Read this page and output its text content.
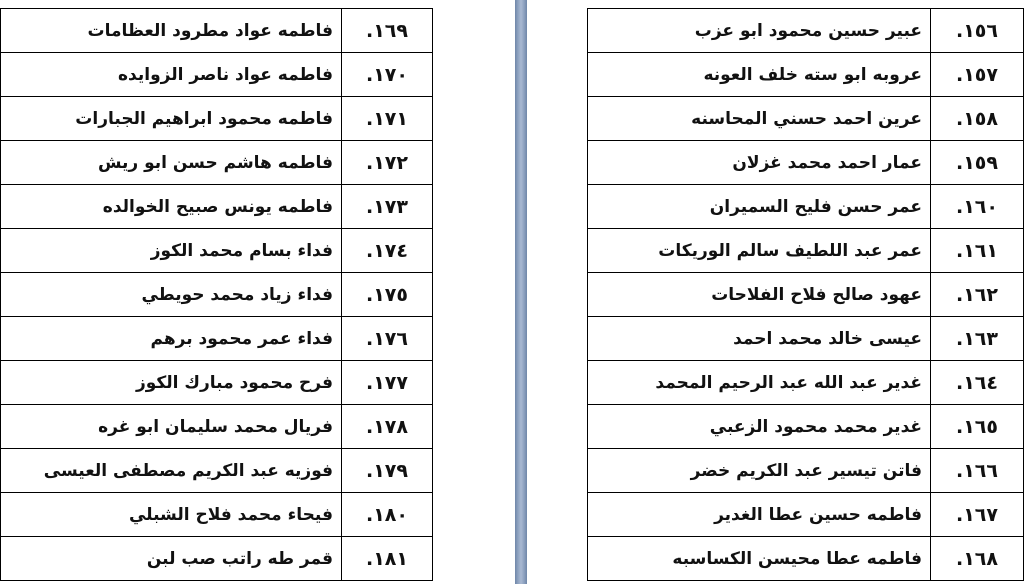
١٦٩.	فاطمه عواد مطرود العظامات
١٧٠.	فاطمه عواد ناصر الزوايده
١٧١.	فاطمه محمود ابراهيم الجبارات
١٧٢.	فاطمه هاشم حسن ابو ريش
١٧٣.	فاطمه يونس صبيح الخوالده
١٧٤.	فداء بسام محمد الكوز
١٧٥.	فداء زياد محمد حويطي
١٧٦.	فداء عمر محمود برهم
١٧٧.	فرح محمود مبارك الكوز
١٧٨.	فريال محمد سليمان ابو غره
١٧٩.	فوزيه عبد الكريم مصطفى العيسى
١٨٠.	فيحاء محمد فلاح الشبلي
١٨١.	قمر طه راتب صب لبن
١٥٦.	عبير حسين محمود ابو عزب
١٥٧.	عروبه ابو سته خلف العونه
١٥٨.	عرين احمد حسني المحاسنه
١٥٩.	عمار احمد محمد غزلان
١٦٠.	عمر حسن فليح السميران
١٦١.	عمر عبد اللطيف سالم الوريكات
١٦٢.	عهود صالح فلاح الفلاحات
١٦٣.	عيسى خالد محمد احمد
١٦٤.	غدير عبد الله عبد الرحيم المحمد
١٦٥.	غدير محمد محمود الزعبي
١٦٦.	فاتن تيسير عبد الكريم خضر
١٦٧.	فاطمه حسين عطا الغدير
١٦٨.	فاطمه عطا محيسن الكساسبه
